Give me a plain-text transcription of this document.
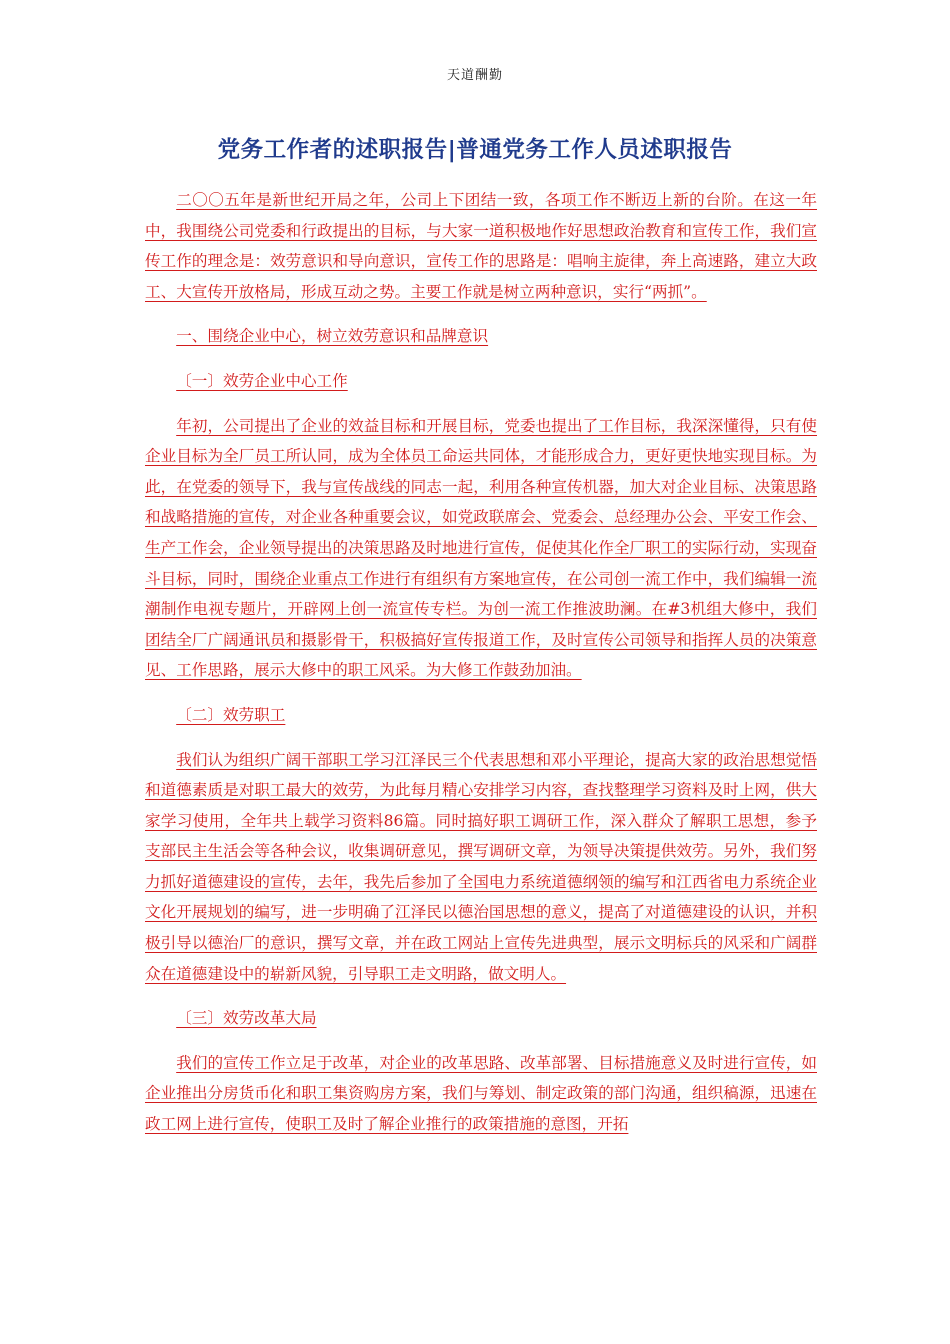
天道酬勤
党务工作者的述职报告|普通党务工作人员述职报告

二〇〇五年是新世纪开局之年，公司上下团结一致，各项工作不断迈上新的台阶。在这一年中，我围绕公司党委和行政提出的目标，与大家一道积极地作好思想政治教育和宣传工作，我们宣传工作的理念是：效劳意识和导向意识，宣传工作的思路是：唱响主旋律，奔上高速路，建立大政工、大宣传开放格局，形成互动之势。主要工作就是树立两种意识，实行“两抓”。

一、围绕企业中心，树立效劳意识和品牌意识

〔一〕效劳企业中心工作

年初，公司提出了企业的效益目标和开展目标，党委也提出了工作目标，我深深懂得，只有使企业目标为全厂员工所认同，成为全体员工命运共同体，才能形成合力，更好更快地实现目标。为此，在党委的领导下，我与宣传战线的同志一起，利用各种宣传机器，加大对企业目标、决策思路和战略措施的宣传，对企业各种重要会议，如党政联席会、党委会、总经理办公会、平安工作会、生产工作会，企业领导提出的决策思路及时地进行宣传，促使其化作全厂职工的实际行动，实现奋斗目标，同时，围绕企业重点工作进行有组织有方案地宣传，在公司创一流工作中，我们编辑一流潮制作电视专题片，开辟网上创一流宣传专栏。为创一流工作推波助澜。在#3机组大修中，我们团结全厂广阔通讯员和摄影骨干，积极搞好宣传报道工作，及时宣传公司领导和指挥人员的决策意见、工作思路，展示大修中的职工风采。为大修工作鼓劲加油。

〔二〕效劳职工

我们认为组织广阔干部职工学习江泽民三个代表思想和邓小平理论，提高大家的政治思想觉悟和道德素质是对职工最大的效劳，为此每月精心安排学习内容，查找整理学习资料及时上网，供大家学习使用，全年共上载学习资料86篇。同时搞好职工调研工作，深入群众了解职工思想，参予支部民主生活会等各种会议，收集调研意见，撰写调研文章，为领导决策提供效劳。另外，我们努力抓好道德建设的宣传，去年，我先后参加了全国电力系统道德纲领的编写和江西省电力系统企业文化开展规划的编写，进一步明确了江泽民以德治国思想的意义，提高了对道德建设的认识，并积极引导以德治厂的意识，撰写文章，并在政工网站上宣传先进典型，展示文明标兵的风采和广阔群众在道德建设中的崭新风貌，引导职工走文明路，做文明人。

〔三〕效劳改革大局

我们的宣传工作立足于改革，对企业的改革思路、改革部署、目标措施意义及时进行宣传，如企业推出分房货币化和职工集资购房方案，我们与筹划、制定政策的部门沟通，组织稿源，迅速在政工网上进行宣传，使职工及时了解企业推行的政策措施的意图，开拓
